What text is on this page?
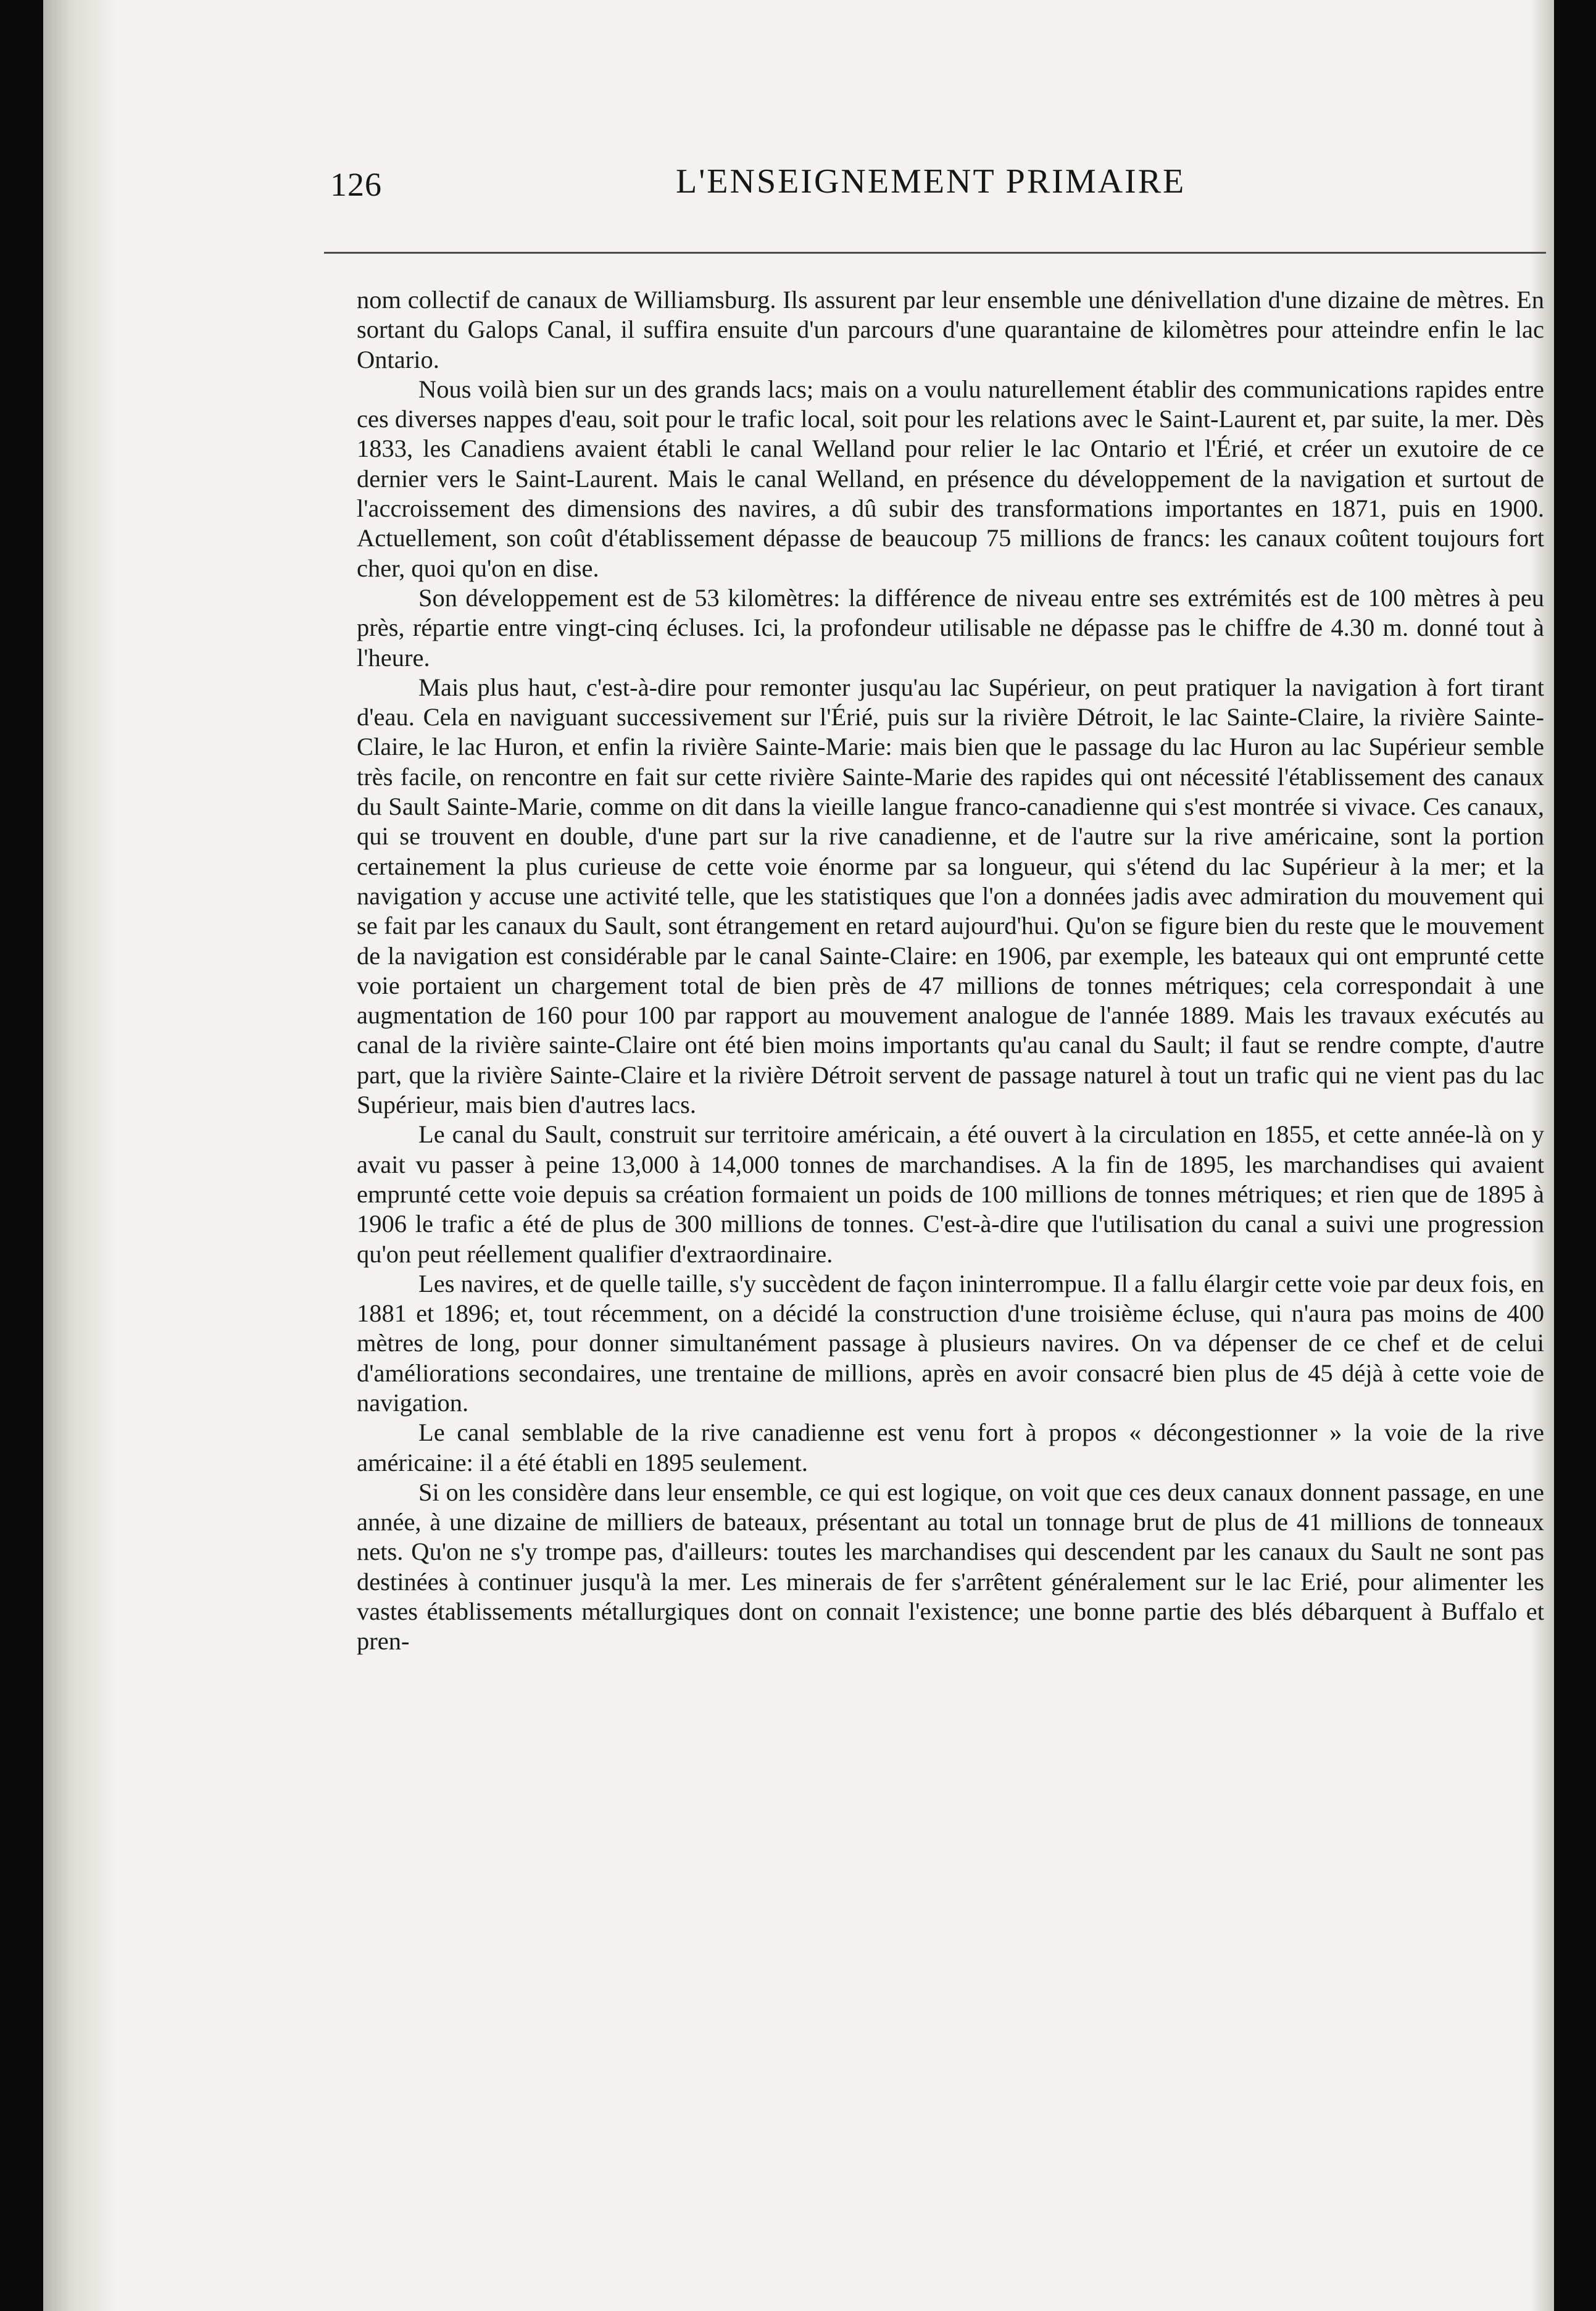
126	L'ENSEIGNEMENT PRIMAIRE

nom collectif de canaux de Williamsburg. Ils assurent par leur ensemble une dénivellation d'une dizaine de mètres. En sortant du Galops Canal, il suffira ensuite d'un parcours d'une quarantaine de kilomètres pour atteindre enfin le lac Ontario.

Nous voilà bien sur un des grands lacs; mais on a voulu naturellement établir des communications rapides entre ces diverses nappes d'eau, soit pour le trafic local, soit pour les relations avec le Saint-Laurent et, par suite, la mer. Dès 1833, les Canadiens avaient établi le canal Welland pour relier le lac Ontario et l'Érié, et créer un exutoire de ce dernier vers le Saint-Laurent. Mais le canal Welland, en présence du développement de la navigation et surtout de l'accroissement des dimensions des navires, a dû subir des transformations importantes en 1871, puis en 1900. Actuellement, son coût d'établissement dépasse de beaucoup 75 millions de francs: les canaux coûtent toujours fort cher, quoi qu'on en dise.

Son développement est de 53 kilomètres: la différence de niveau entre ses extrémités est de 100 mètres à peu près, répartie entre vingt-cinq écluses. Ici, la profondeur utilisable ne dépasse pas le chiffre de 4.30 m. donné tout à l'heure.

Mais plus haut, c'est-à-dire pour remonter jusqu'au lac Supérieur, on peut pratiquer la navigation à fort tirant d'eau. Cela en naviguant successivement sur l'Érié, puis sur la rivière Détroit, le lac Sainte-Claire, la rivière Sainte-Claire, le lac Huron, et enfin la rivière Sainte-Marie: mais bien que le passage du lac Huron au lac Supérieur semble très facile, on rencontre en fait sur cette rivière Sainte-Marie des rapides qui ont nécessité l'établissement des canaux du Sault Sainte-Marie, comme on dit dans la vieille langue franco-canadienne qui s'est montrée si vivace. Ces canaux, qui se trouvent en double, d'une part sur la rive canadienne, et de l'autre sur la rive américaine, sont la portion certainement la plus curieuse de cette voie énorme par sa longueur, qui s'étend du lac Supérieur à la mer; et la navigation y accuse une activité telle, que les statistiques que l'on a données jadis avec admiration du mouvement qui se fait par les canaux du Sault, sont étrangement en retard aujourd'hui. Qu'on se figure bien du reste que le mouvement de la navigation est considérable par le canal Sainte-Claire: en 1906, par exemple, les bateaux qui ont emprunté cette voie portaient un chargement total de bien près de 47 millions de tonnes métriques; cela correspondait à une augmentation de 160 pour 100 par rapport au mouvement analogue de l'année 1889. Mais les travaux exécutés au canal de la rivière sainte-Claire ont été bien moins importants qu'au canal du Sault; il faut se rendre compte, d'autre part, que la rivière Sainte-Claire et la rivière Détroit servent de passage naturel à tout un trafic qui ne vient pas du lac Supérieur, mais bien d'autres lacs.

Le canal du Sault, construit sur territoire américain, a été ouvert à la circulation en 1855, et cette année-là on y avait vu passer à peine 13,000 à 14,000 tonnes de marchandises. A la fin de 1895, les marchandises qui avaient emprunté cette voie depuis sa création formaient un poids de 100 millions de tonnes métriques; et rien que de 1895 à 1906 le trafic a été de plus de 300 millions de tonnes. C'est-à-dire que l'utilisation du canal a suivi une progression qu'on peut réellement qualifier d'extraordinaire.

Les navires, et de quelle taille, s'y succèdent de façon ininterrompue. Il a fallu élargir cette voie par deux fois, en 1881 et 1896; et, tout récemment, on a décidé la construction d'une troisième écluse, qui n'aura pas moins de 400 mètres de long, pour donner simultanément passage à plusieurs navires. On va dépenser de ce chef et de celui d'améliorations secondaires, une trentaine de millions, après en avoir consacré bien plus de 45 déjà à cette voie de navigation.

Le canal semblable de la rive canadienne est venu fort à propos « décongestionner » la voie de la rive américaine: il a été établi en 1895 seulement.

Si on les considère dans leur ensemble, ce qui est logique, on voit que ces deux canaux donnent passage, en une année, à une dizaine de milliers de bateaux, présentant au total un tonnage brut de plus de 41 millions de tonneaux nets. Qu'on ne s'y trompe pas, d'ailleurs: toutes les marchandises qui descendent par les canaux du Sault ne sont pas destinées à continuer jusqu'à la mer. Les minerais de fer s'arrêtent généralement sur le lac Erié, pour alimenter les vastes établissements métallurgiques dont on connait l'existence; une bonne partie des blés débarquent à Buffalo et pren-
